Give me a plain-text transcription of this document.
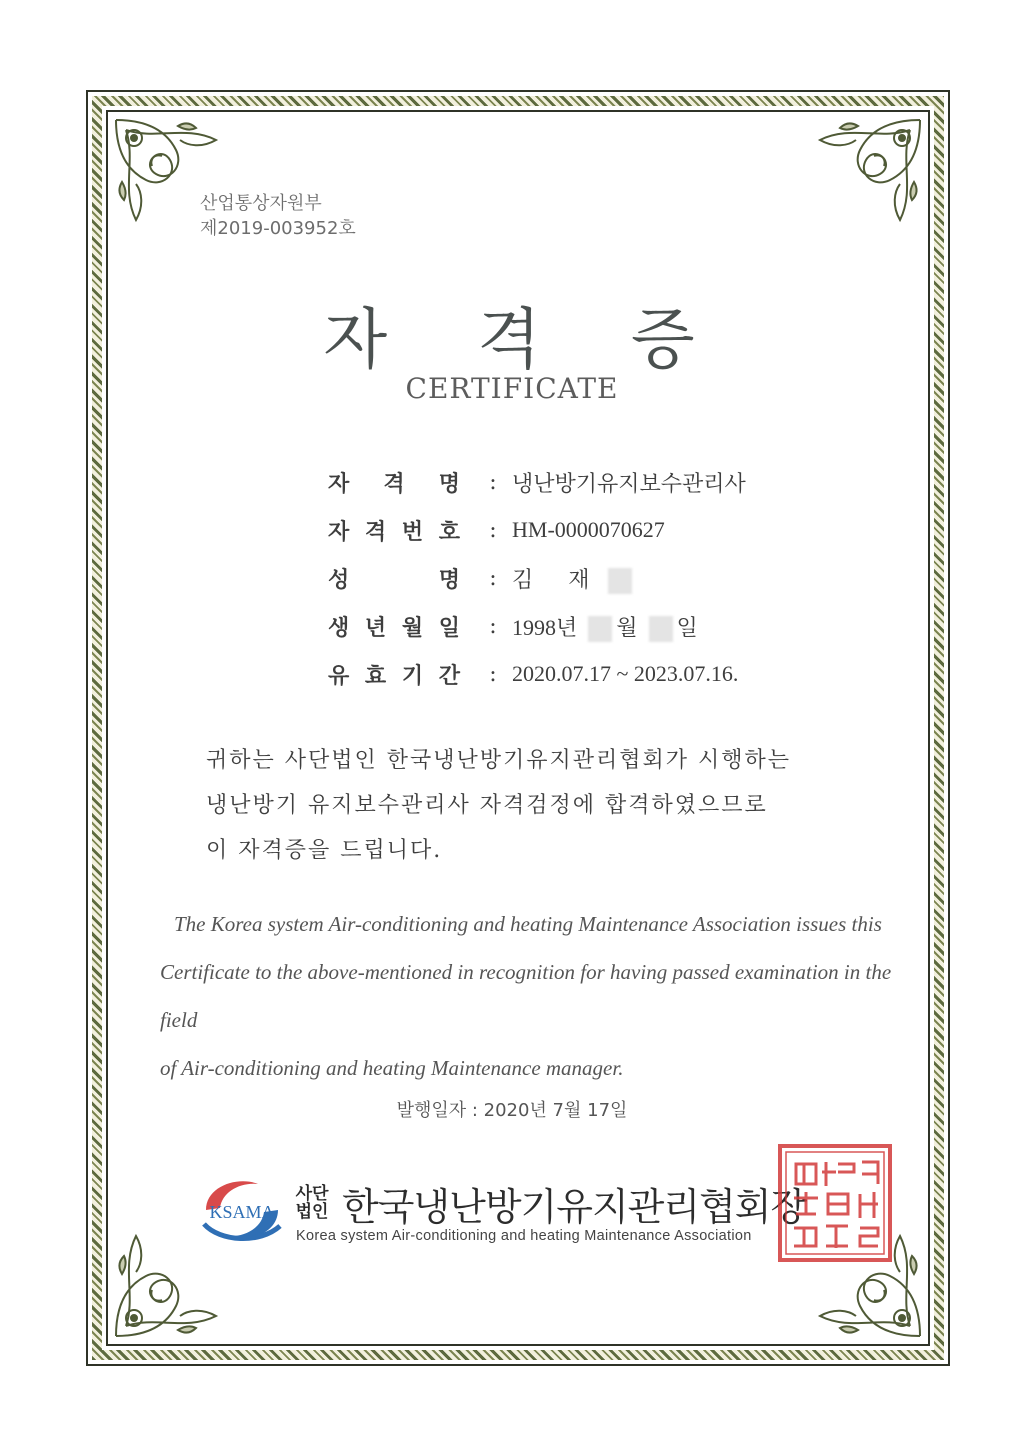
산업통상자원부
제2019-003952호
자 격 증
CERTIFICATE
자 격 명	: 냉난방기유지보수관리사
자 격 번 호	: HM-0000070627
성	명	: 김 재
생 년 월 일	: 1998년 월 일
유 효 기 간	: 2020.07.17 ~ 2023.07.16.

귀하는 사단법인 한국냉난방기유지관리협회가 시행하는

냉난방기 유지보수관리사 자격검정에 합격하였으므로

이 자격증을 드립니다.

The Korea system Air-conditioning and heating Maintenance Association issues this

Certificate to the above-mentioned in recognition for having passed examination in the field

of Air-conditioning and heating Maintenance manager.

발행일자 : 2020년 7월 17일
KSAMA
사단
법인 한국냉난방기유지관리협회장
Korea system Air-conditioning and heating Maintenance Association
